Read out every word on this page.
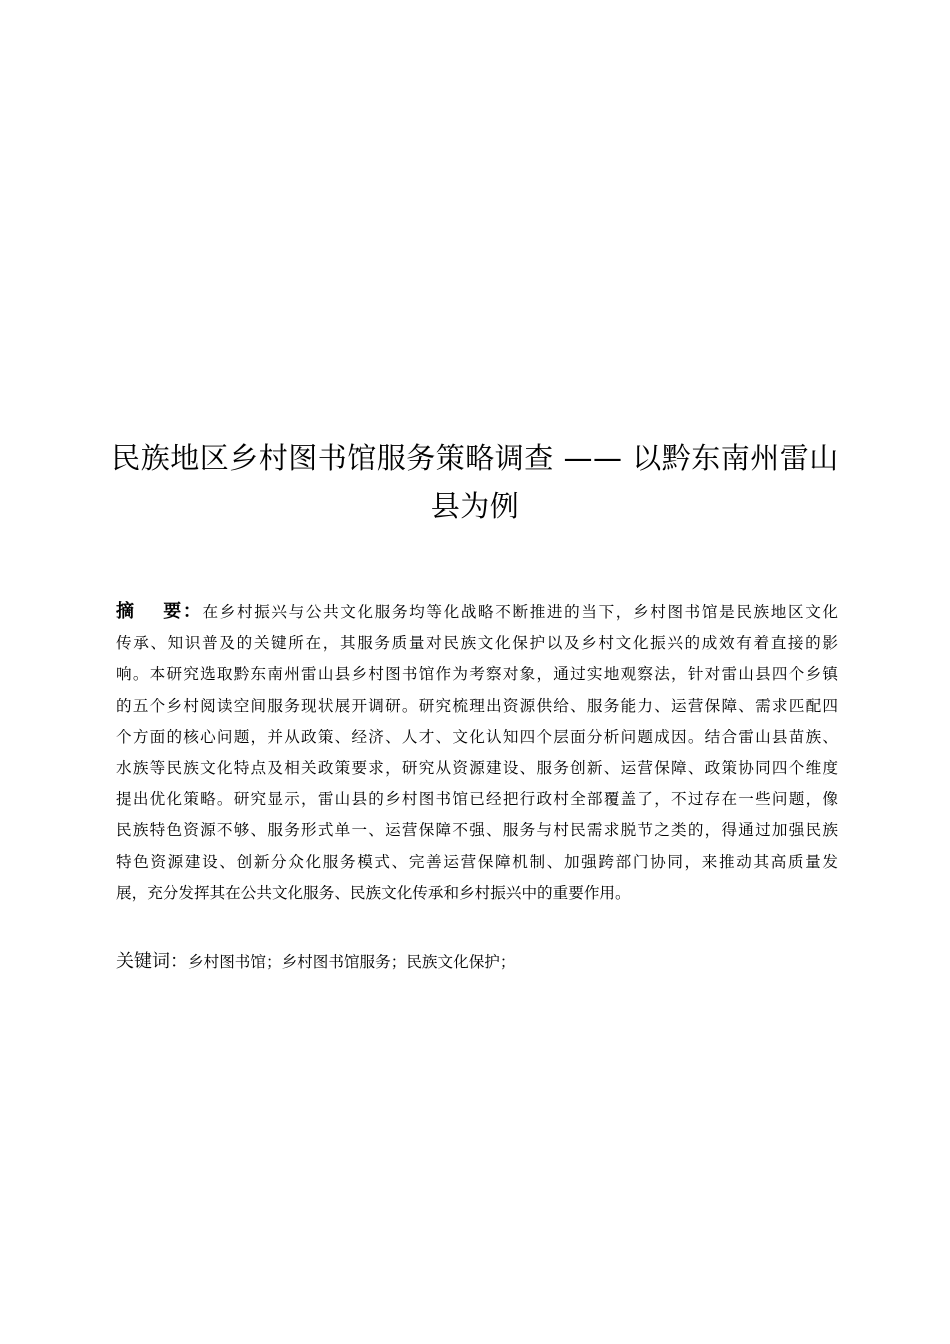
民族地区乡村图书馆服务策略调查 —— 以黔东南州雷山
县为例
摘 要：在乡村振兴与公共文化服务均等化战略不断推进的当下，乡村图书馆是民族地区文化
传承、知识普及的关键所在，其服务质量对民族文化保护以及乡村文化振兴的成效有着直接的影
响。本研究选取黔东南州雷山县乡村图书馆作为考察对象，通过实地观察法，针对雷山县四个乡镇
的五个乡村阅读空间服务现状展开调研。研究梳理出资源供给、服务能力、运营保障、需求匹配四
个方面的核心问题，并从政策、经济、人才、文化认知四个层面分析问题成因。结合雷山县苗族、
水族等民族文化特点及相关政策要求，研究从资源建设、服务创新、运营保障、政策协同四个维度
提出优化策略。研究显示，雷山县的乡村图书馆已经把行政村全部覆盖了，不过存在一些问题，像
民族特色资源不够、服务形式单一、运营保障不强、服务与村民需求脱节之类的，得通过加强民族
特色资源建设、创新分众化服务模式、完善运营保障机制、加强跨部门协同，来推动其高质量发
展，充分发挥其在公共文化服务、民族文化传承和乡村振兴中的重要作用。
关键词：乡村图书馆；乡村图书馆服务；民族文化保护；
